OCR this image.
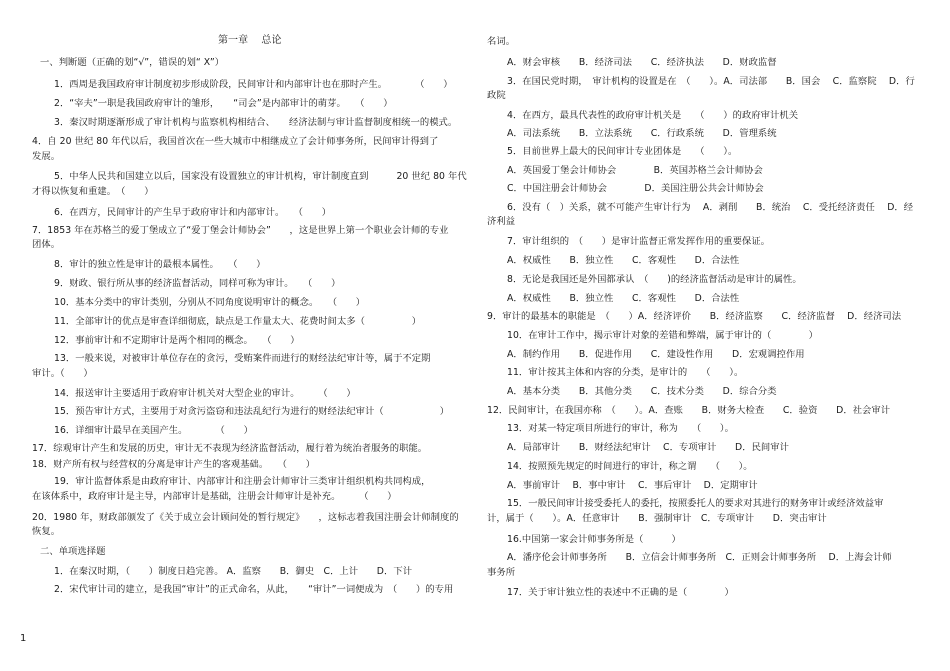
第一章　 总论
一、判断题（正确的划“√”，错误的划“ X”）
1．西周是我国政府审计制度初步形成阶段，民间审计和内部审计也在那时产生。　　　　（　　）
2．“宰夫”一职是我国政府审计的雏形，　　“司会”是内部审计的萌芽。　　（　　）
3．秦汉时期逐渐形成了审计机构与监察机构相结合、　　经济法制与审计监督制度相统一的模式。
4．自 20 世纪 80 年代以后，我国首次在一些大城市中相继成立了会计师事务所，民间审计得到了
发展。
5．中华人民共和国建立以后，国家没有设置独立的审计机构，审计制度直到　　　20 世纪 80 年代
才得以恢复和重建。　（　　）
6．在西方，民间审计的产生早于政府审计和内部审计。　　（　　）
7．1853 年在苏格兰的爱丁堡成立了“爱丁堡会计师协会”　　，这是世界上第一个职业会计师的专业
团体。
8．审计的独立性是审计的最根本属性。　　（　　）
9．财政、银行所从事的经济监督活动，同样可称为审计。　　（　　）
10．基本分类中的审计类别，分别从不同角度说明审计的概念。　　（　　）
11．全部审计的优点是审查详细彻底，缺点是工作量太大、花费时间太多（　　　　　）
12．事前审计和不定期审计是两个相同的概念。　　（　　）
13．一般来说，对被审计单位存在的贪污，受贿案件而进行的财经法纪审计等，属于不定期
审计。（　　）
14．报送审计主要适用于政府审计机关对大型企业的审计。　　　（　　）
15．预告审计方式，主要用于对贪污盗窃和违法乱纪行为进行的财经法纪审计（　　　　　　）
16．详细审计最早在美国产生。　　　　（　　）
17．综观审计产生和发展的历史，审计无不表现为经济监督活动，履行着为统治者服务的职能。
18．财产所有权与经营权的分离是审计产生的客观基础。　　（　　）
19．审计监督体系是由政府审计、内部审计和注册会计师审计三类审计组织机构共同构成，
在该体系中，政府审计是主导，内部审计是基础，注册会计师审计是补充。　　　（　　）
20．1980 年，财政部颁发了《关于成立会计顾问处的暂行规定》　　，这标志着我国注册会计师制度的
恢复。
二、单项选择题
1．在秦汉时期，（　　）制度日趋完善。 A．监察　　B．御史　C．上计　　D．下计
2．宋代审计司的建立，是我国“审计”的正式命名，从此，　　“审计”一词便成为　（　　）的专用
名词。
A．财会审核　　B．经济司法　　C．经济执法　　D．财政监督
3．在国民党时期，　审计机构的设置是在　（　　）。A．司法部　　B．国会　 C．监察院　 D．行
政院
4．在西方，最具代表性的政府审计机关是　　（　　）的政府审计机关
A．司法系统　　B．立法系统　　C．行政系统　　D．管理系统
5．目前世界上最大的民间审计专业团体是　　（　　）。
A．英国爱丁堡会计师协会　　　　B．英国苏格兰会计师协会
C．中国注册会计师协会　　　　D．美国注册公共会计师协会
6．没有（　）关系，就不可能产生审计行为　 A．剥削　　B．统治　 C．受托经济责任　 D．经
济利益
7．审计组织的　（　　）是审计监督正常发挥作用的重要保证。
A．权威性　　B．独立性　　C．客观性　　D．合法性
8．无论是我国还是外国都承认　（　　)的经济监督活动是审计的属性。
A．权威性　　B．独立性　　C．客观性　　D．合法性
9．审计的最基本的职能是　（　　）A．经济评价　　B．经济监察　　C．经济监督　 D．经济司法
10．在审计工作中，揭示审计对象的差错和弊端，属于审计的（　　　　）
A．制约作用　　B．促进作用　　C．建设性作用　　D．宏观调控作用
11．审计按其主体和内容的分类，是审计的　　（　　）。
A．基本分类　　B．其他分类　　C．技术分类　　D．综合分类
12．民间审计，在我国亦称　（　　）。A．查账　　B．财务大检查　　C．验资　　D．社会审计
13．对某一特定项目所进行的审计，称为　　（　　）。
A．局部审计　　B．财经法纪审计　 C．专项审计　　D．民间审计
14．按照预先规定的时间进行的审计，称之谓　　（　　）。
A．事前审计　 B．事中审计　 C．事后审计　 D．定期审计
15．一般民间审计接受委托人的委托，按照委托人的要求对其进行的财务审计或经济效益审
计，属于（　　）。A．任意审计　　B．强制审计　C．专项审计　　D．突击审计
16.中国第一家会计师事务所是（　　　）
A．潘序伦会计师事务所　　B．立信会计师事务所　C．正则会计师事务所　 D．上海会计师
事务所
17．关于审计独立性的表述中不正确的是（　　　　）
1
